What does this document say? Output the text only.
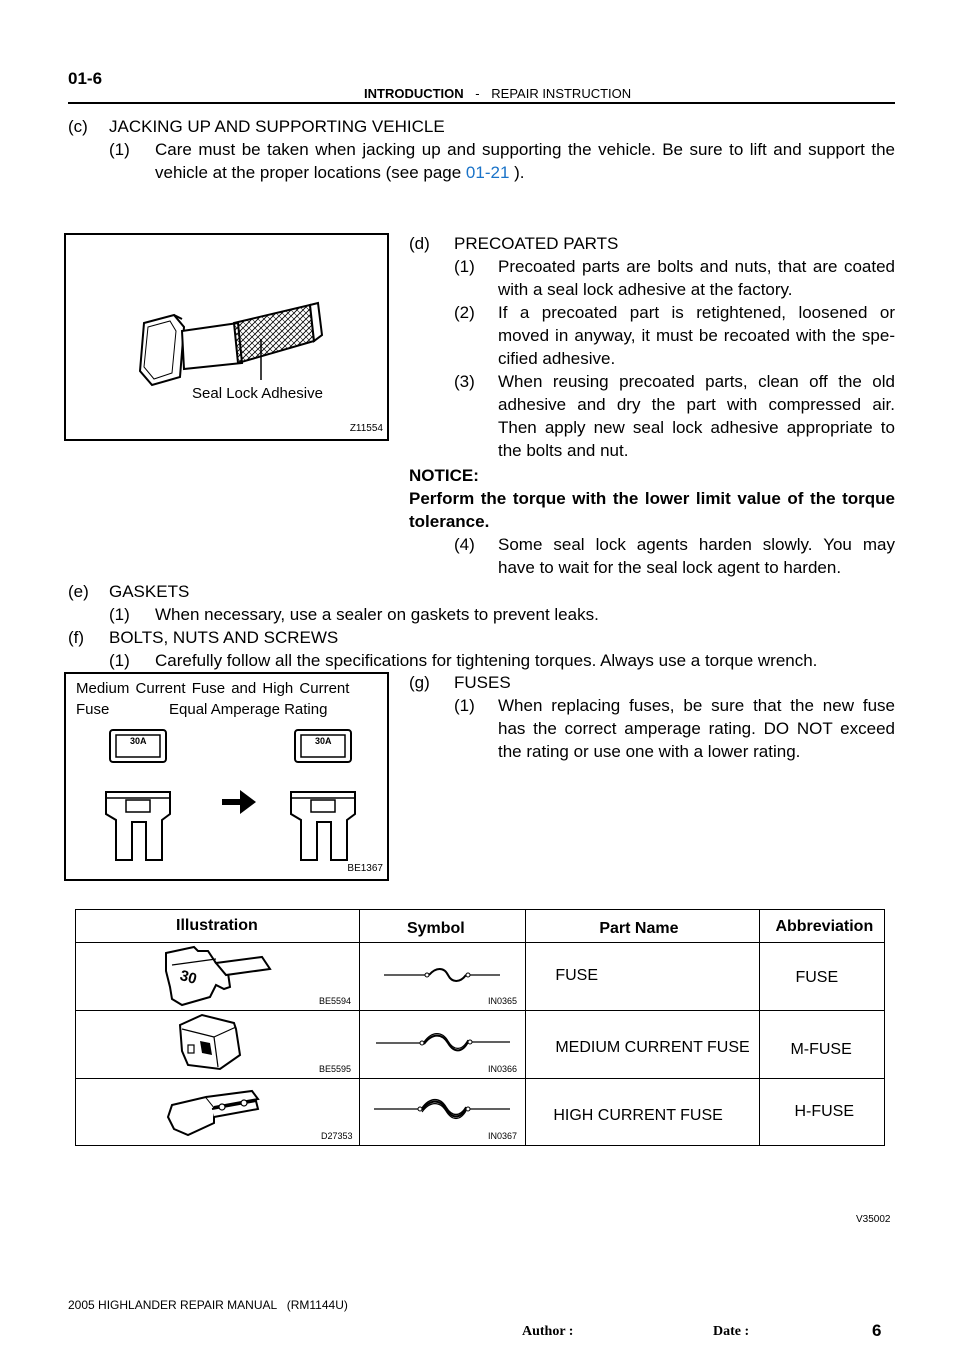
01-6
INTRODUCTION - REPAIR INSTRUCTION
(c) JACKING UP AND SUPPORTING VEHICLE
(1) Care must be taken when jacking up and supporting the vehicle. Be sure to lift and support the
vehicle at the proper locations (see page 01-21 ).
Seal Lock Adhesive
Z11554
(d) PRECOATED PARTS
(1) Precoated parts are bolts and nuts, that are coated
with a seal lock adhesive at the factory.
(2) If a precoated part is retightened, loosened or
moved in anyway, it must be recoated with the spe-
cified adhesive.
(3) When reusing precoated parts, clean off the old
adhesive and dry the part with compressed air.
Then apply new seal lock adhesive appropriate to
the bolts and nut.
NOTICE:
Perform the torque with the lower limit value of the torque
tolerance.
(4) Some seal lock agents harden slowly. You may
have to wait for the seal lock agent to harden.
(e) GASKETS
(1) When necessary, use a sealer on gaskets to prevent leaks.
(f) BOLTS, NUTS AND SCREWS
(1) Carefully follow all the specifications for tightening torques. Always use a torque wrench.
Medium Current Fuse and High Current
Fuse	Equal Amperage Rating
30A	30A
BE1367
(g) FUSES
(1) When replacing fuses, be sure that the new fuse
has the correct amperage rating. DO NOT exceed
the rating or use one with a lower rating.
Illustration	Symbol	Part Name	Abbreviation

30
BE5594	IN0365	FUSE	FUSE

BE5595	IN0366	MEDIUM CURRENT FUSE	M-FUSE

D27353	IN0367	HIGH CURRENT FUSE	H-FUSE
V35002
2005 HIGHLANDER REPAIR MANUAL   (RM1144U)
Author :	Date :	6
